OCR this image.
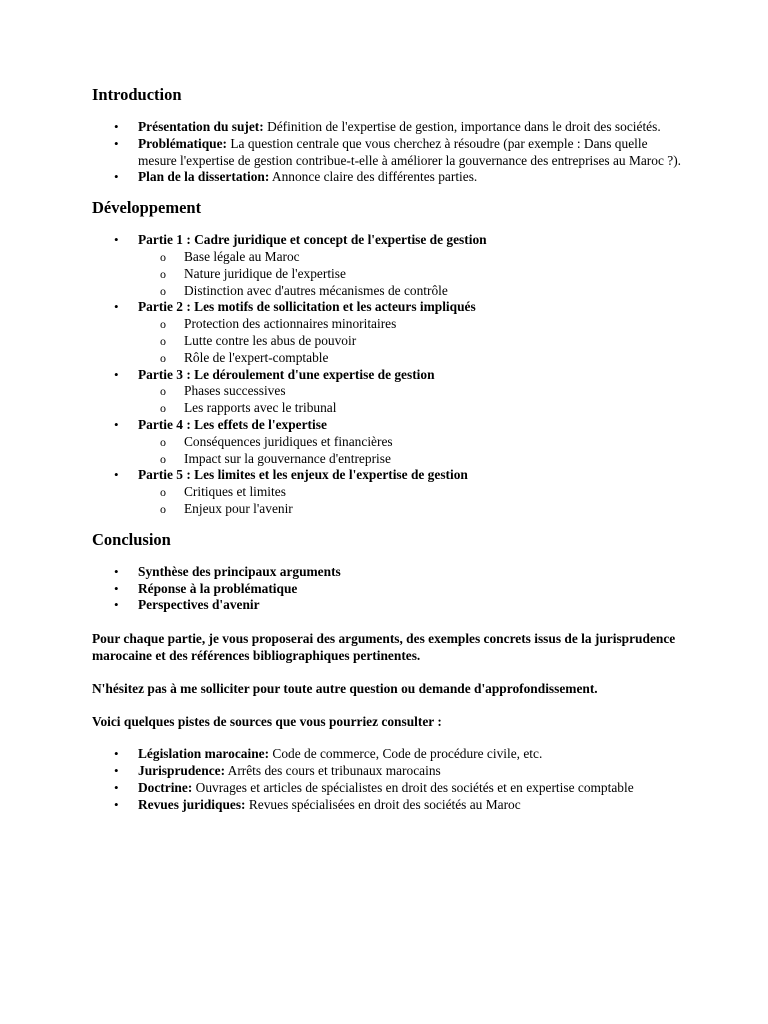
Introduction
• Présentation du sujet: Définition de l'expertise de gestion, importance dans le droit des sociétés.
• Problématique: La question centrale que vous cherchez à résoudre (par exemple : Dans quelle mesure l'expertise de gestion contribue-t-elle à améliorer la gouvernance des entreprises au Maroc ?).
• Plan de la dissertation: Annonce claire des différentes parties.
Développement
• Partie 1 : Cadre juridique et concept de l'expertise de gestion
o Base légale au Maroc
o Nature juridique de l'expertise
o Distinction avec d'autres mécanismes de contrôle
• Partie 2 : Les motifs de sollicitation et les acteurs impliqués
o Protection des actionnaires minoritaires
o Lutte contre les abus de pouvoir
o Rôle de l'expert-comptable
• Partie 3 : Le déroulement d'une expertise de gestion
o Phases successives
o Les rapports avec le tribunal
• Partie 4 : Les effets de l'expertise
o Conséquences juridiques et financières
o Impact sur la gouvernance d'entreprise
• Partie 5 : Les limites et les enjeux de l'expertise de gestion
o Critiques et limites
o Enjeux pour l'avenir
Conclusion
• Synthèse des principaux arguments
• Réponse à la problématique
• Perspectives d'avenir

Pour chaque partie, je vous proposerai des arguments, des exemples concrets issus de la jurisprudence marocaine et des références bibliographiques pertinentes.

N'hésitez pas à me solliciter pour toute autre question ou demande d'approfondissement.

Voici quelques pistes de sources que vous pourriez consulter :

• Législation marocaine: Code de commerce, Code de procédure civile, etc.
• Jurisprudence: Arrêts des cours et tribunaux marocains
• Doctrine: Ouvrages et articles de spécialistes en droit des sociétés et en expertise comptable
• Revues juridiques: Revues spécialisées en droit des sociétés au Maroc
